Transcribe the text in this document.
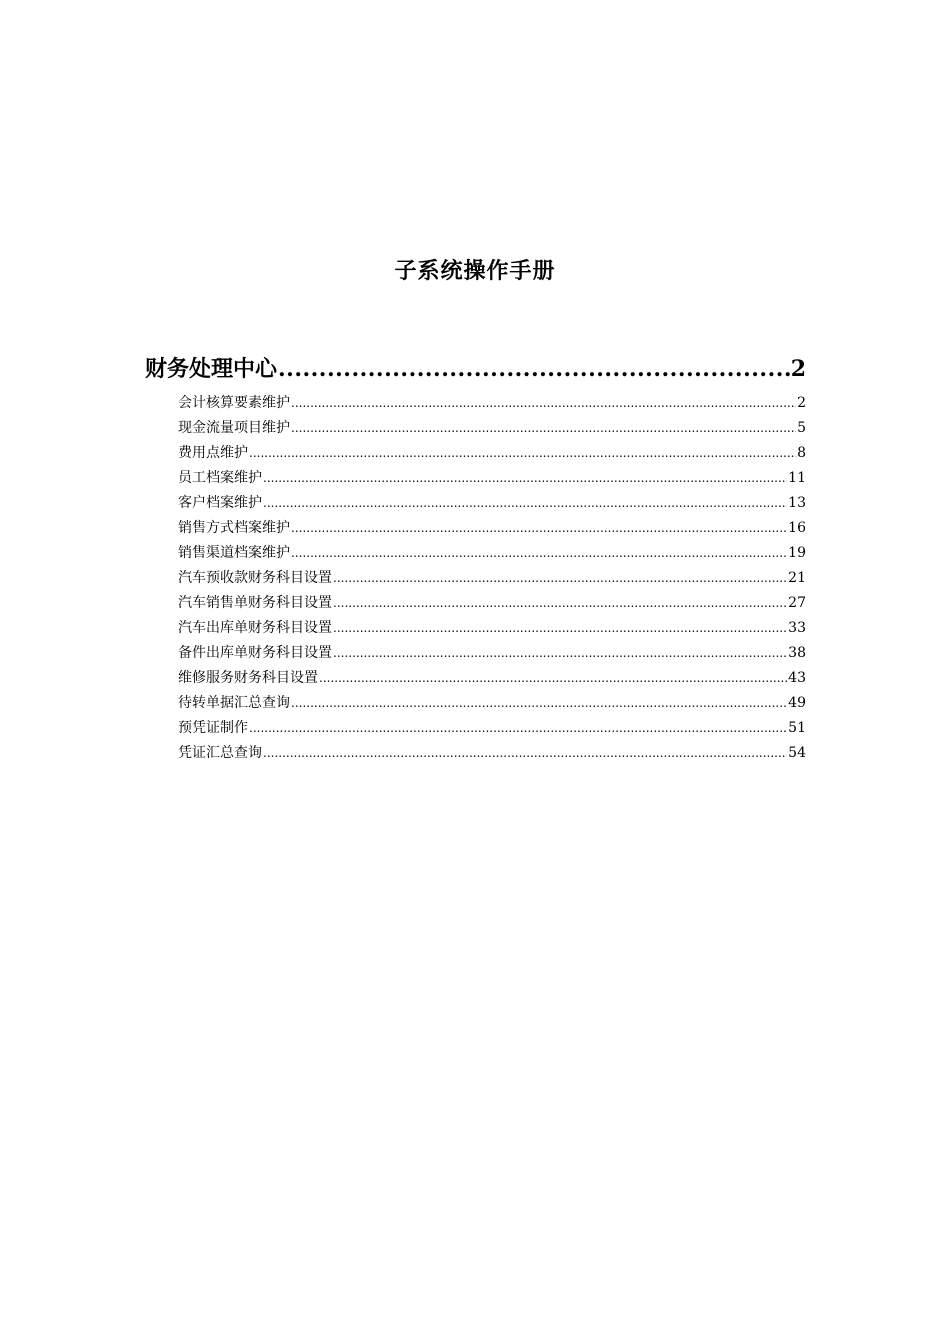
子系统操作手册
财务处理中心 .....	2
会计核算要素维护 .....	2
现金流量项目维护 .....	5
费用点维护 .....	8
员工档案维护 .....	11
客户档案维护 .....	13
销售方式档案维护 .....	16
销售渠道档案维护 .....	19
汽车预收款财务科目设置 .....	21
汽车销售单财务科目设置 .....	27
汽车出库单财务科目设置 .....	33
备件出库单财务科目设置 .....	38
维修服务财务科目设置 .....	43
待转单据汇总查询 .....	49
预凭证制作 .....	51
凭证汇总查询 .....	54
